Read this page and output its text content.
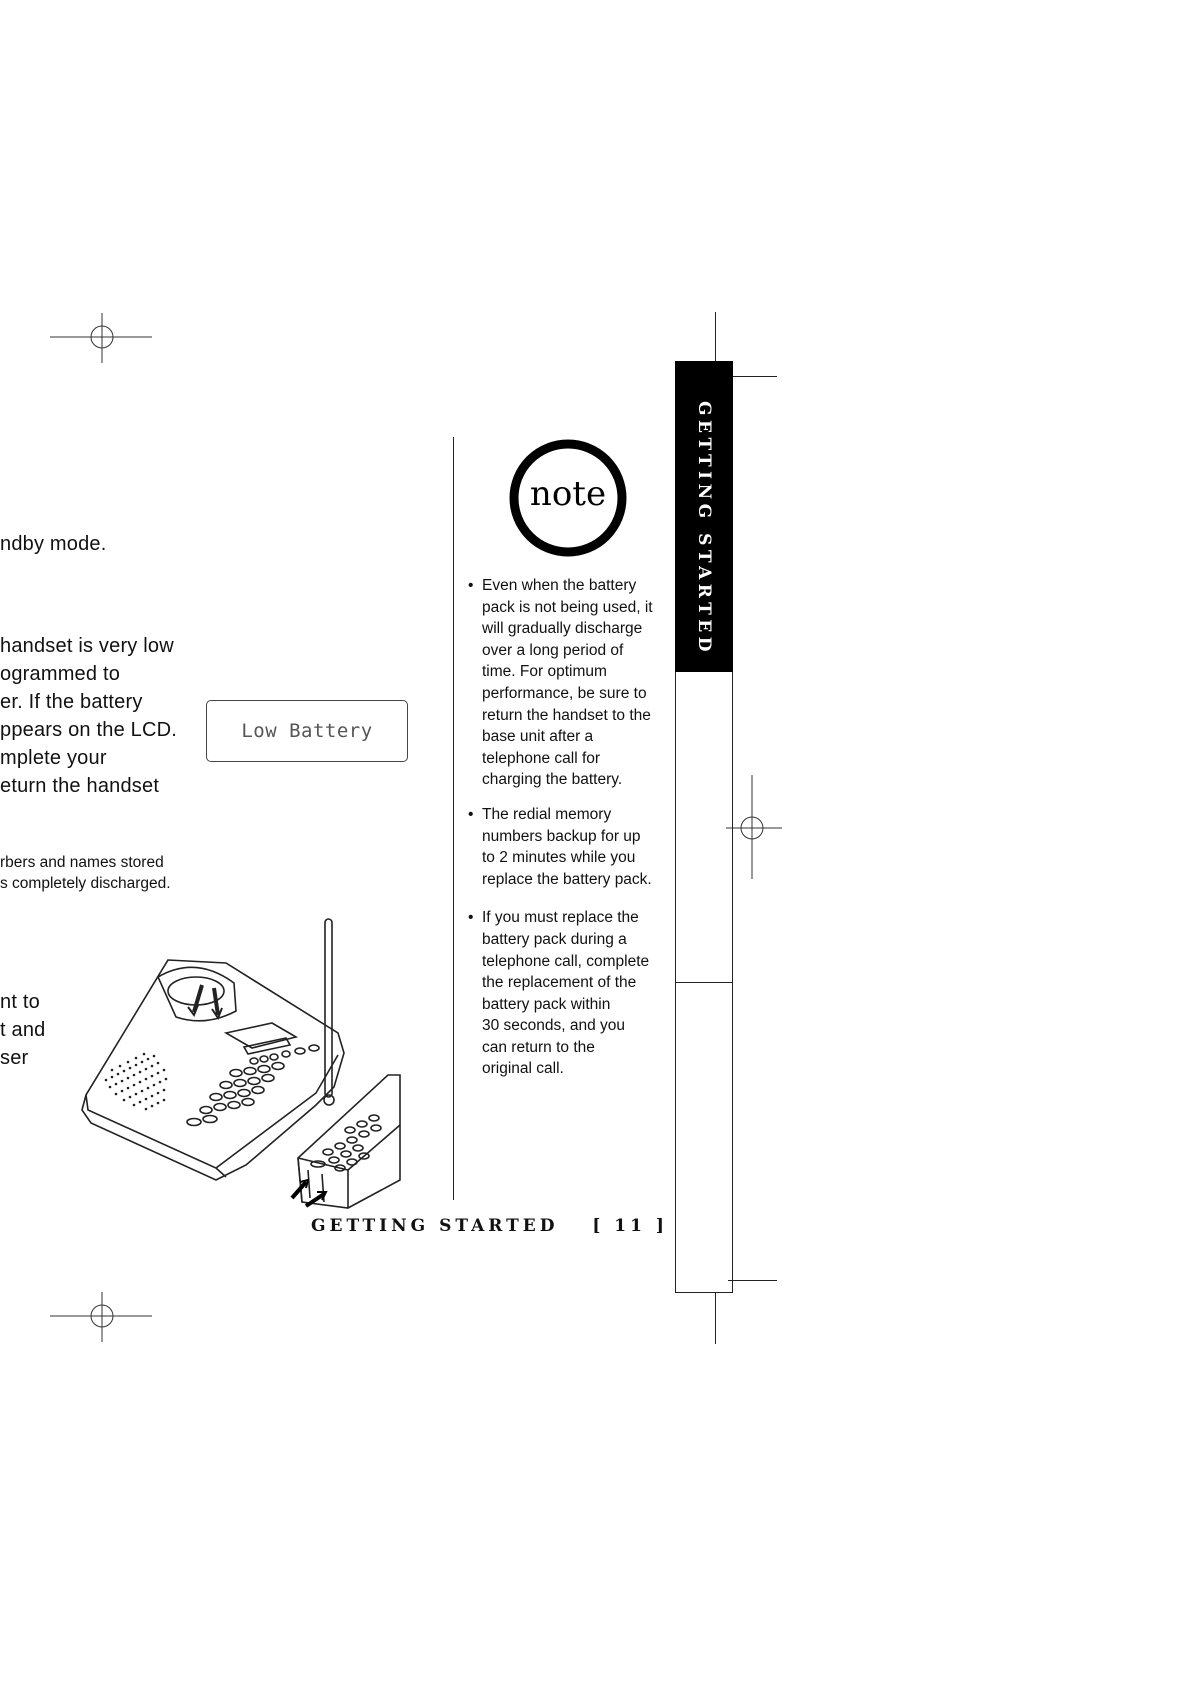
GETTING STARTED
ndby mode.
handset is very low
ogrammed to
er. If the battery
ppears on the LCD.
mplete your
eturn the handset
rbers and names stored
s completely discharged.
nt to
t and
ser
Low Battery
note
• Even when the battery
pack is not being used, it
will gradually discharge
over a long period of
time. For optimum
performance, be sure to
return the handset to the
base unit after a
telephone call for
charging the battery.
• The redial memory
numbers backup for up
to 2 minutes while you
replace the battery pack.
• If you must replace the
battery pack during a
telephone call, complete
the replacement of the
battery pack within
30 seconds, and you
can return to the
original call.
GETTING STARTED [ 11 ]
